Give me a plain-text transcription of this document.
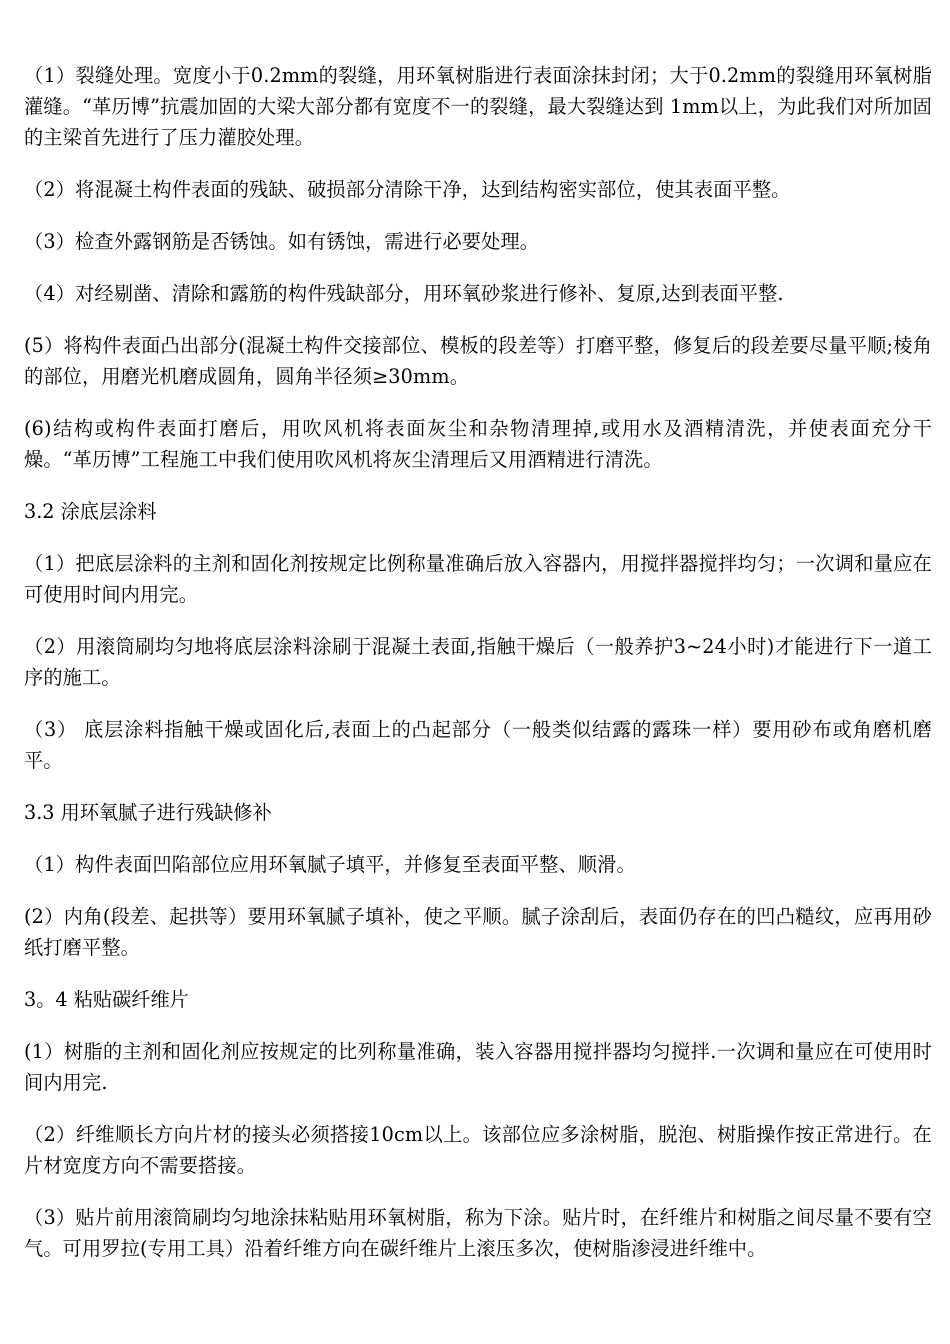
（1）裂缝处理。宽度小于0.2mm的裂缝，用环氧树脂进行表面涂抹封闭；大于0.2mm的裂缝用环氧树脂灌缝。“革历博”抗震加固的大梁大部分都有宽度不一的裂缝，最大裂缝达到 1mm以上，为此我们对所加固的主梁首先进行了压力灌胶处理。

（2）将混凝土构件表面的残缺、破损部分清除干净，达到结构密实部位，使其表面平整。

（3）检查外露钢筋是否锈蚀。如有锈蚀，需进行必要处理。

（4）对经剔凿、清除和露筋的构件残缺部分，用环氧砂浆进行修补、复原,达到表面平整.

(5）将构件表面凸出部分(混凝土构件交接部位、模板的段差等）打磨平整，修复后的段差要尽量平顺;棱角的部位，用磨光机磨成圆角，圆角半径须≥30mm。

(6)结构或构件表面打磨后，用吹风机将表面灰尘和杂物清理掉,或用水及酒精清洗，并使表面充分干燥。“革历博”工程施工中我们使用吹风机将灰尘清理后又用酒精进行清洗。

3.2 涂底层涂料

（1）把底层涂料的主剂和固化剂按规定比例称量准确后放入容器内，用搅拌器搅拌均匀；一次调和量应在可使用时间内用完。

（2）用滚筒刷均匀地将底层涂料涂刷于混凝土表面,指触干燥后（一般养护3~24小时)才能进行下一道工序的施工。

（3） 底层涂料指触干燥或固化后,表面上的凸起部分（一般类似结露的露珠一样）要用砂布或角磨机磨平。

3.3 用环氧腻子进行残缺修补

（1）构件表面凹陷部位应用环氧腻子填平，并修复至表面平整、顺滑。

(2）内角(段差、起拱等）要用环氧腻子填补，使之平顺。腻子涂刮后，表面仍存在的凹凸糙纹，应再用砂纸打磨平整。

3。4 粘贴碳纤维片

(1）树脂的主剂和固化剂应按规定的比列称量准确，装入容器用搅拌器均匀搅拌.一次调和量应在可使用时间内用完.

（2）纤维顺长方向片材的接头必须搭接10cm以上。该部位应多涂树脂，脱泡、树脂操作按正常进行。在片材宽度方向不需要搭接。

（3）贴片前用滚筒刷均匀地涂抹粘贴用环氧树脂，称为下涂。贴片时，在纤维片和树脂之间尽量不要有空气。可用罗拉(专用工具）沿着纤维方向在碳纤维片上滚压多次，使树脂渗浸进纤维中。
